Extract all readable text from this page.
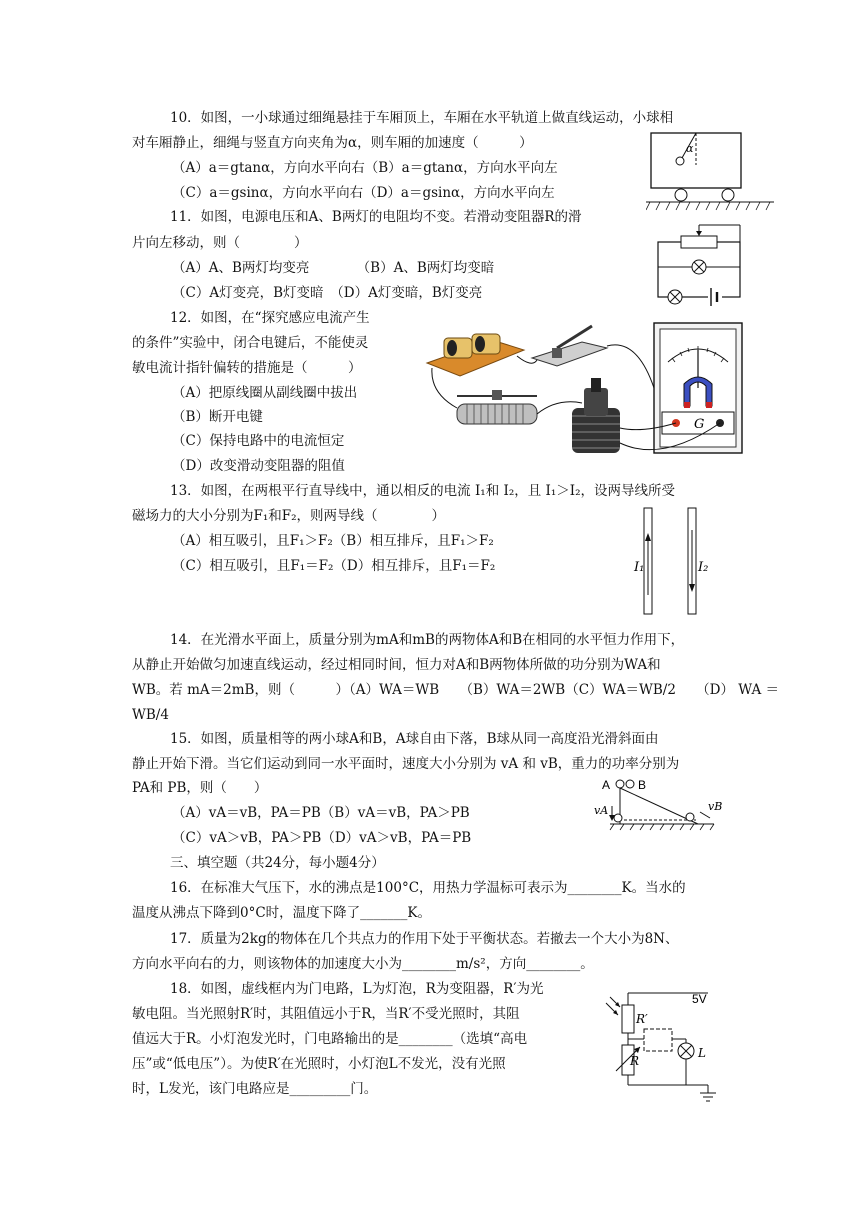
10．如图，一小球通过细绳悬挂于车厢顶上，车厢在水平轨道上做直线运动，小球相
对车厢静止，细绳与竖直方向夹角为α，则车厢的加速度（　　　）
（A）a＝gtanα，方向水平向右（B）a＝gtanα，方向水平向左
（C）a＝gsinα，方向水平向右（D）a＝gsinα，方向水平向左
α
11．如图，电源电压和A、B两灯的电阻均不变。若滑动变阻器R的滑
片向左移动，则（　　　　）
（A）A、B两灯均变亮　　　　（B）A、B两灯均变暗
（C）A灯变亮，B灯变暗　（D）A灯变暗，B灯变亮
12．如图，在“探究感应电流产生
的条件”实验中，闭合电键后，不能使灵
敏电流计指针偏转的措施是（　　　）
（A）把原线圈从副线圈中拔出
（B）断开电键
（C）保持电路中的电流恒定
（D）改变滑动变阻器的阻值
G
13．如图，在两根平行直导线中，通以相反的电流 I₁和 I₂，且 I₁＞I₂，设两导线所受
磁场力的大小分别为F₁和F₂，则两导线（　　　　）
（A）相互吸引，且F₁＞F₂（B）相互排斥，且F₁＞F₂
（C）相互吸引，且F₁＝F₂（D）相互排斥，且F₁＝F₂	I₁	I₂
14．在光滑水平面上，质量分别为mA和mB的两物体A和B在相同的水平恒力作用下，
从静止开始做匀加速直线运动，经过相同时间，恒力对A和B两物体所做的功分别为WA和
WB。若 mA＝2mB，则（　　　）（A）WA＝WB　　（B）WA＝2WB（C）WA＝WB/2　　（D） WA ＝
WB/4
15．如图，质量相等的两小球A和B，A球自由下落，B球从同一高度沿光滑斜面由
静止开始下滑。当它们运动到同一水平面时，速度大小分别为 vA 和 vB，重力的功率分别为
PA和 PB，则（　　）
（A）vA＝vB，PA＝PB（B）vA＝vB，PA＞PB
（C）vA＞vB，PA＞PB（D）vA＞vB，PA＝PB
A B
vA	vB
三、填空题（共24分，每小题4分）
16．在标准大气压下，水的沸点是100°C，用热力学温标可表示为________K。当水的
温度从沸点下降到0°C时，温度下降了_______K。
17．质量为2kg的物体在几个共点力的作用下处于平衡状态。若撤去一个大小为8N、
方向水平向右的力，则该物体的加速度大小为________m/s²，方向________。
18．如图，虚线框内为门电路，L为灯泡，R为变阻器，R′为光
敏电阻。当光照射R′时，其阻值远小于R，当R′不受光照时，其阻
值远大于R。小灯泡发光时，门电路输出的是________（选填“高电
压”或“低电压”）。为使R′在光照时，小灯泡L不发光，没有光照
时，L发光，该门电路应是_________门。
5V
R′
R
L
